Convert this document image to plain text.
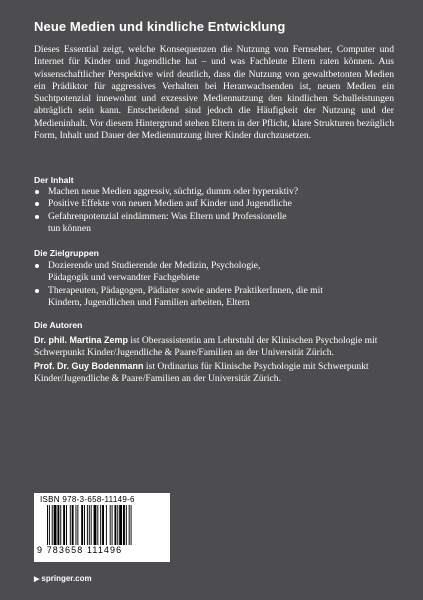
Neue Medien und kindliche Entwicklung

Dieses Essential zeigt, welche Konsequenzen die Nutzung von Fernseher, Computer und Internet für Kinder und Jugendliche hat – und was Fachleute Eltern raten können. Aus wissenschaftlicher Perspektive wird deutlich, dass die Nutzung von gewaltbetonten Medien ein Prädiktor für aggressives Verhalten bei Heranwachsenden ist, neuen Medien ein Suchtpotenzial innewohnt und exzessive Mediennutzung den kindlichen Schulleistungen abträglich sein kann. Entscheidend sind jedoch die Häufigkeit der Nutzung und der Medieninhalt. Vor diesem Hintergrund stehen Eltern in der Pflicht, klare Strukturen bezüglich Form, Inhalt und Dauer der Mediennutzung ihrer Kinder durchzusetzen.

Der Inhalt
Machen neue Medien aggressiv, süchtig, dumm oder hyperaktiv?
Positive Effekte von neuen Medien auf Kinder und Jugendliche
Gefahrenpotenzial eindämmen: Was Eltern und Professionelle tun können
Die Zielgruppen
Dozierende und Studierende der Medizin, Psychologie, Pädagogik und verwandter Fachgebiete
Therapeuten, Pädagogen, Pädiater sowie andere PraktikerInnen, die mit Kindern, Jugendlichen und Familien arbeiten, Eltern
Die Autoren

Dr. phil. Martina Zemp ist Oberassistentin am Lehrstuhl der Klinischen Psychologie mit Schwerpunkt Kinder/Jugendliche & Paare/Familien an der Universität Zürich.

Prof. Dr. Guy Bodenmann ist Ordinarius für Klinische Psychologie mit Schwerpunkt Kinder/Jugendliche & Paare/Familien an der Universität Zürich.

ISBN 978-3-658-11149-6
9 783658 111496
▶ springer.com
